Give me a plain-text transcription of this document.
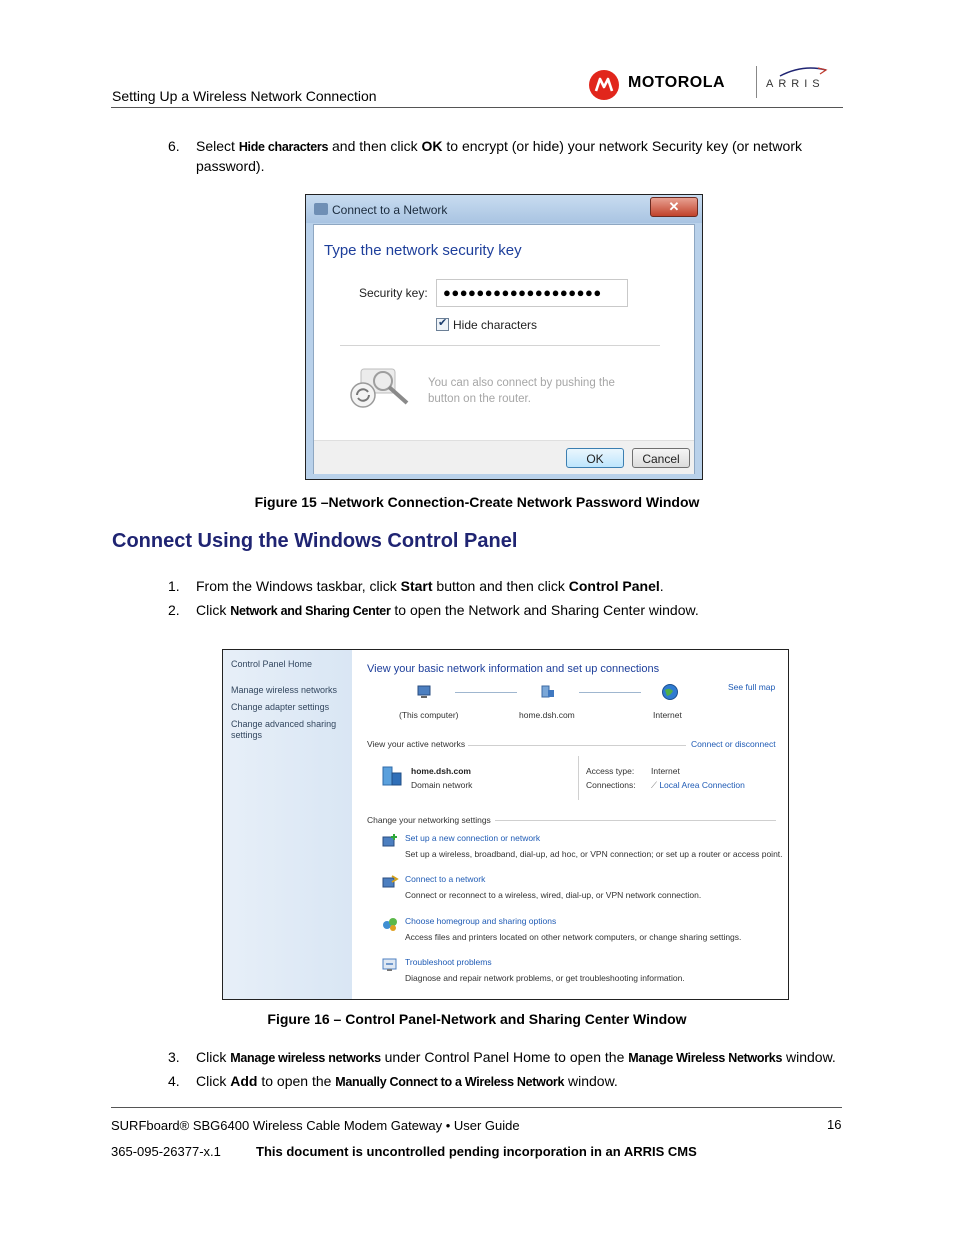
Setting Up a Wireless Network Connection
MOTOROLA	ARRIS
6. Select Hide characters and then click OK to encrypt (or hide) your network Security key (or network password).
Connect to a Network	✕
Type the network security key
Security key:	●●●●●●●●●●●●●●●●●●●
✔ Hide characters
You can also connect by pushing the button on the router.
OK	Cancel
Figure 15 –Network Connection-Create Network Password Window
Connect Using the Windows Control Panel
1. From the Windows taskbar, click Start button and then click Control Panel.
2. Click Network and Sharing Center to open the Network and Sharing Center window.
Control Panel Home
Manage wireless networks
Change adapter settings
Change advanced sharing settings
View your basic network information and set up connections
See full map
(This computer)	home.dsh.com	Internet
View your active networks	Connect or disconnect
home.dsh.com
Domain network
Access type: Internet
Connections: ⟋ Local Area Connection
Change your networking settings
Set up a new connection or network
Set up a wireless, broadband, dial-up, ad hoc, or VPN connection; or set up a router or access point.
Connect to a network
Connect or reconnect to a wireless, wired, dial-up, or VPN network connection.
Choose homegroup and sharing options
Access files and printers located on other network computers, or change sharing settings.
Troubleshoot problems
Diagnose and repair network problems, or get troubleshooting information.
Figure 16 – Control Panel-Network and Sharing Center Window
3. Click Manage wireless networks under Control Panel Home to open the Manage Wireless Networks window.
4. Click Add to open the Manually Connect to a Wireless Network window.
SURFboard® SBG6400 Wireless Cable Modem Gateway • User Guide	16
365-095-26377-x.1	This document is uncontrolled pending incorporation in an ARRIS CMS
